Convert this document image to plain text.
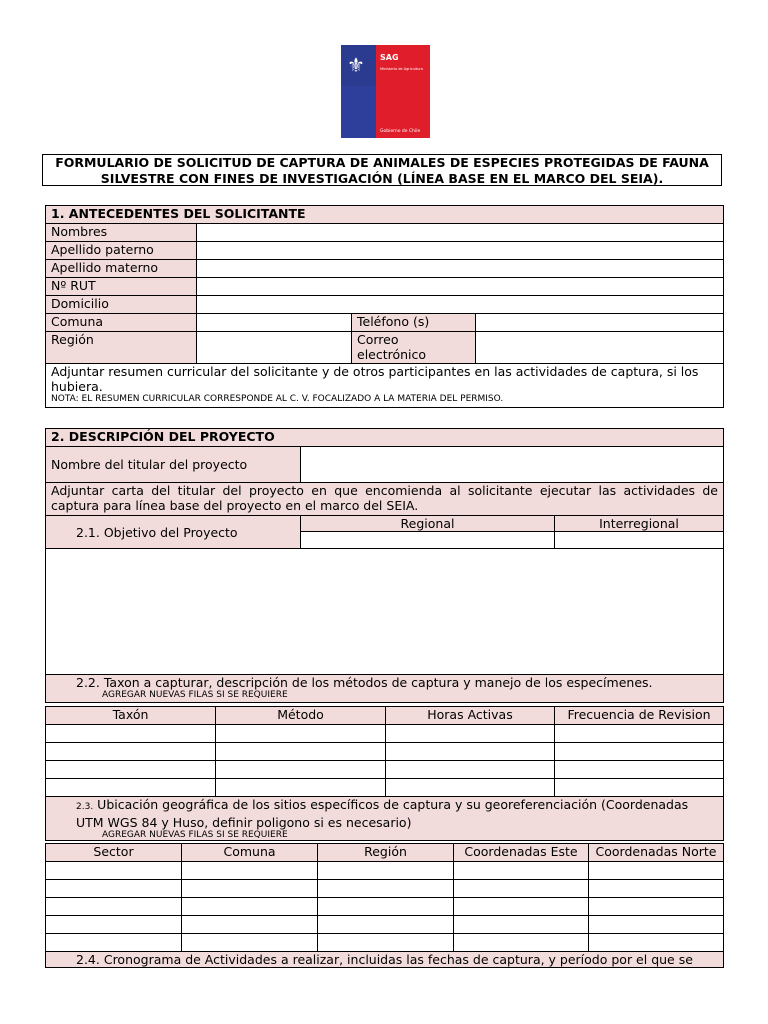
⚜ SAG
Ministerio de Agricultura
Gobierno de Chile
FORMULARIO DE SOLICITUD DE CAPTURA DE ANIMALES DE ESPECIES PROTEGIDAS DE FAUNA SILVESTRE CON FINES DE INVESTIGACIÓN (LÍNEA BASE EN EL MARCO DEL SEIA).
1. ANTECEDENTES DEL SOLICITANTE			
Nombres			
Apellido paterno			
Apellido materno			
Nº RUT			
Domicilio			
Comuna		Teléfono (s)	
Región		Correo electrónico	

Adjuntar resumen curricular del solicitante y de otros participantes en las actividades de captura, si los hubiera.
NOTA: EL RESUMEN CURRICULAR CORRESPONDE AL C. V. FOCALIZADO A LA MATERIA DEL PERMISO.			
2. DESCRIPCIÓN DEL PROYECTO		
Nombre del titular del proyecto		
Adjuntar carta del titular del proyecto en que encomienda al solicitante ejecutar las actividades de captura para línea base del proyecto en el marco del SEIA.		
2.1. Objetivo del Proyecto	Regional	Interregional

2.2. Taxon a capturar, descripción de los métodos de captura y manejo de los especímenes.
AGREGAR NUEVAS FILAS SI SE REQUIERE		
Taxón	Método	Horas Activas	Frecuencia de Revision

2.3. Ubicación geográfica de los sitios específicos de captura y su georeferenciación (Coordenadas UTM WGS 84 y Huso, definir poligono si es necesario)
AGREGAR NUEVAS FILAS SI SE REQUIERE			
Sector	Comuna	Región	Coordenadas Este	Coordenadas Norte

2.4. Cronograma de Actividades a realizar, incluidas las fechas de captura, y período por el que se				
